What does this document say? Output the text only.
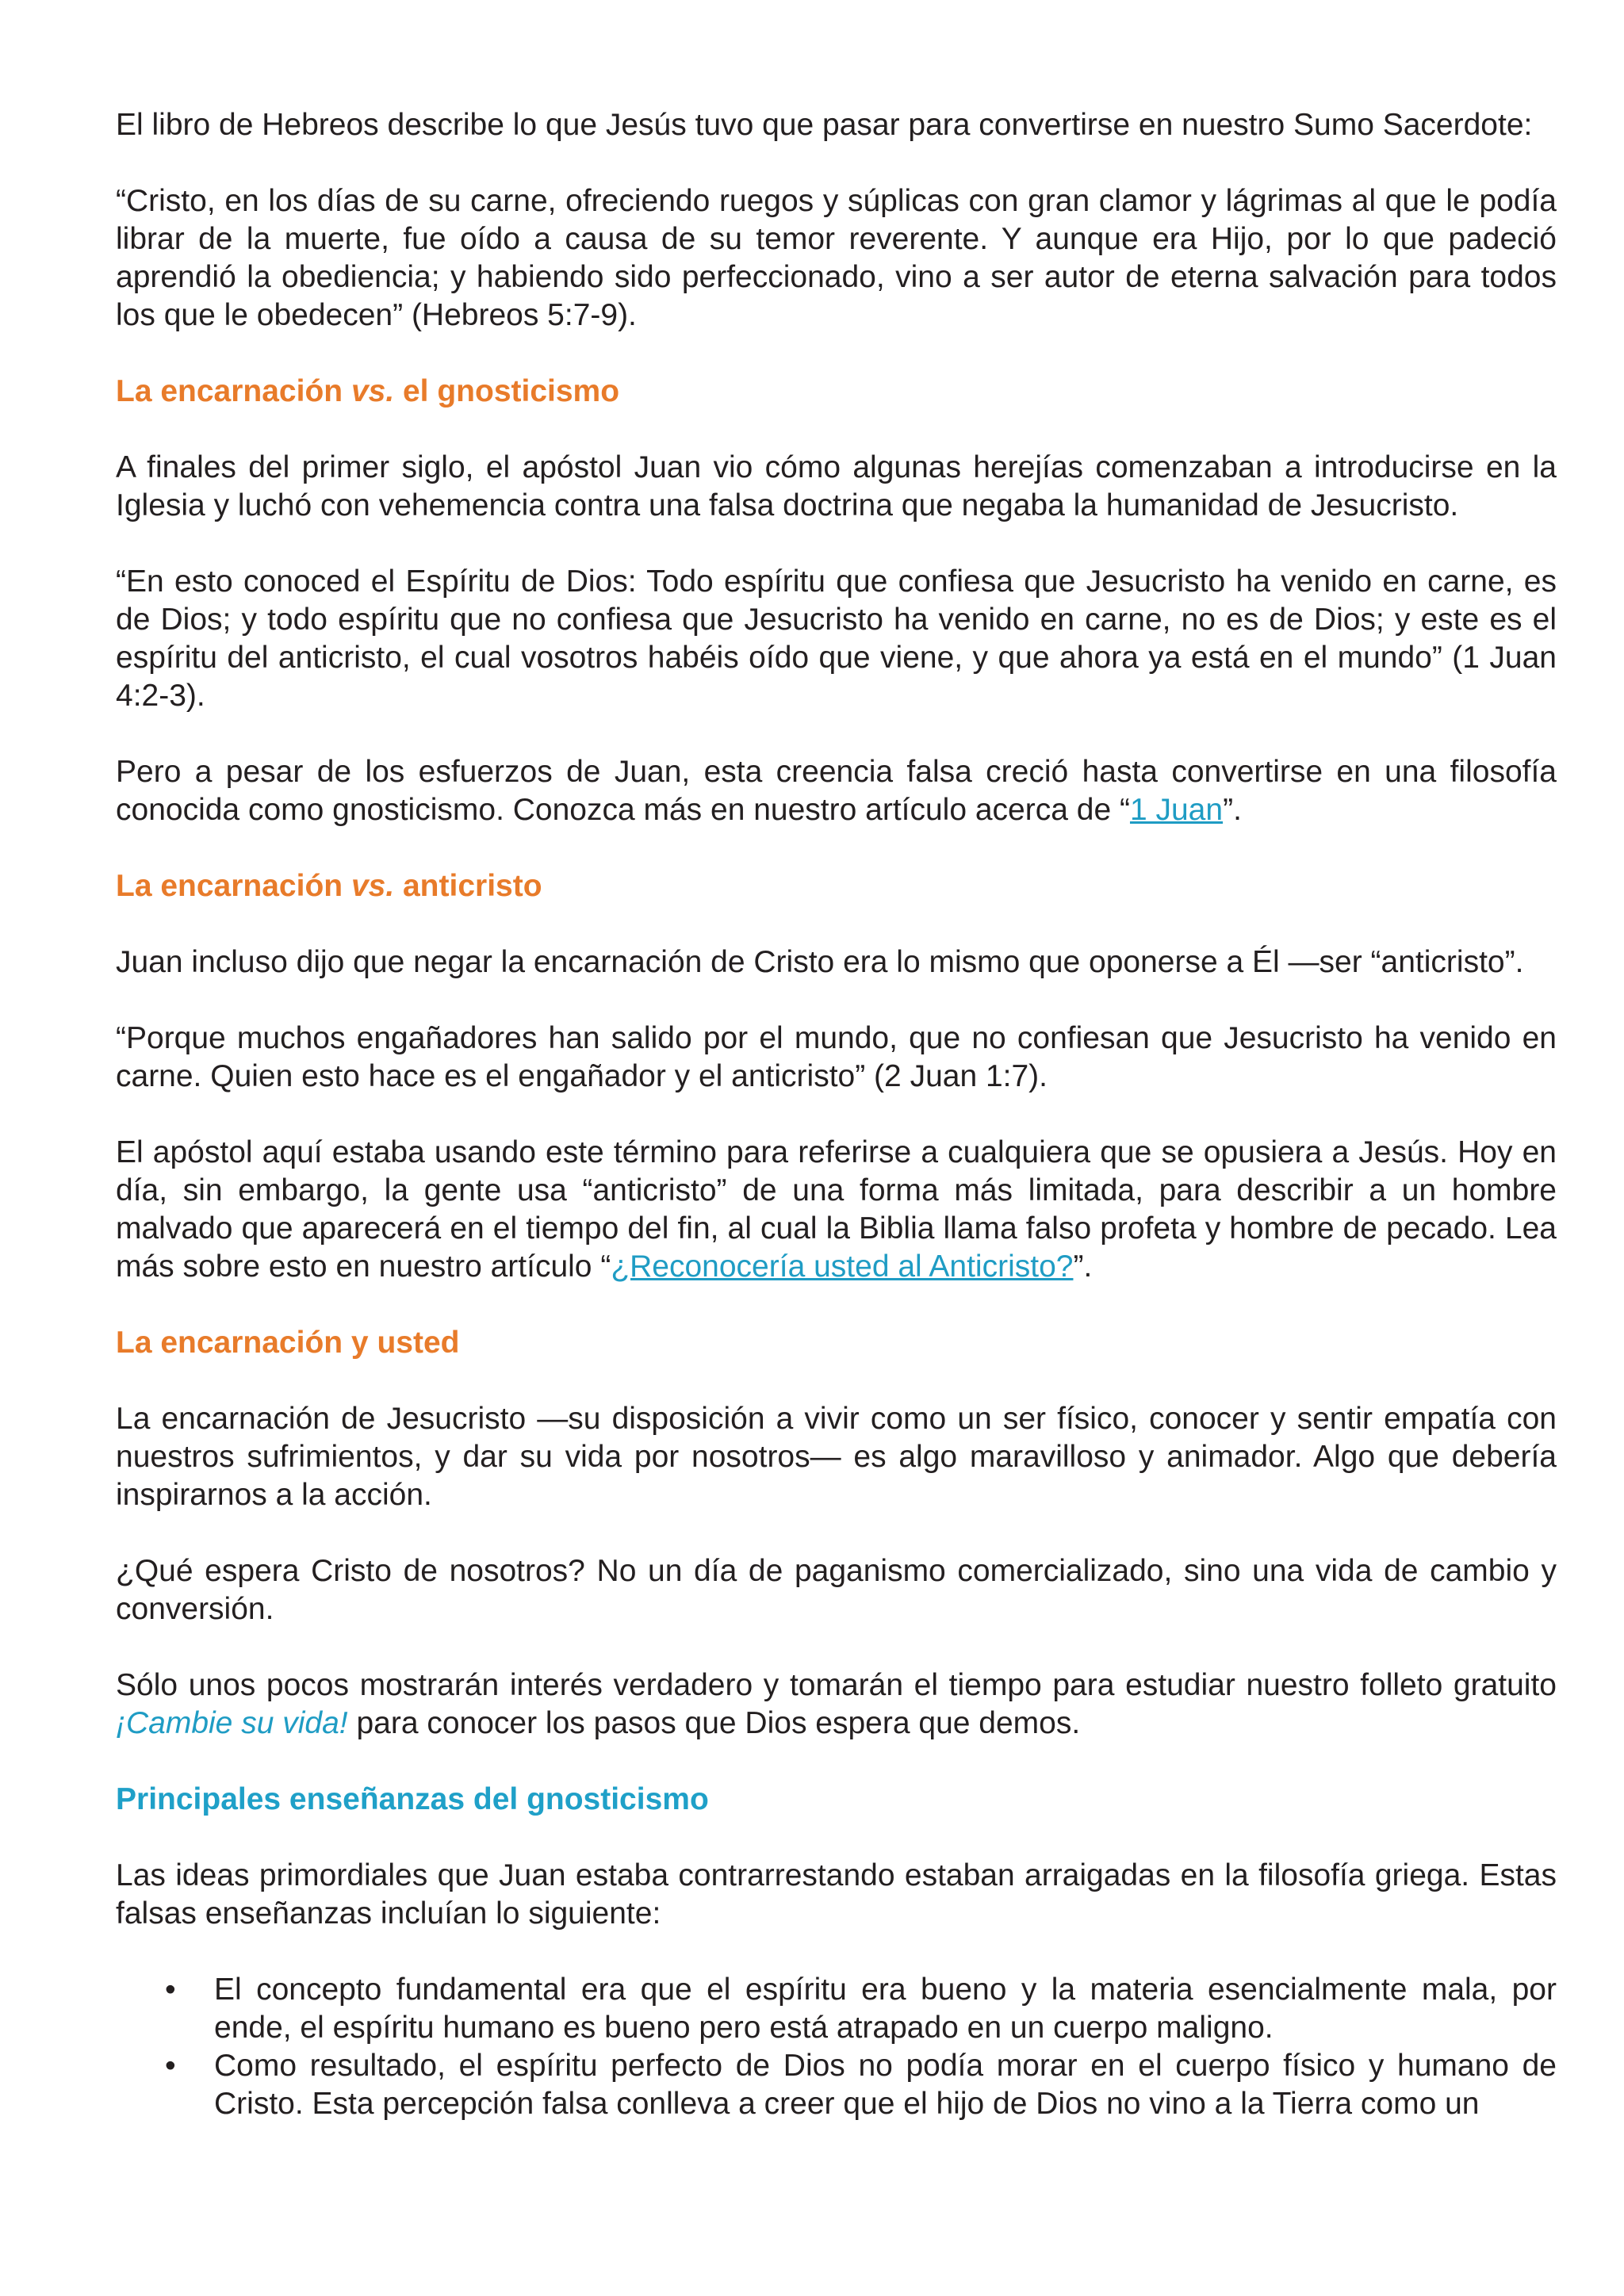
El libro de Hebreos describe lo que Jesús tuvo que pasar para convertirse en nuestro Sumo Sacerdote:

“Cristo, en los días de su carne, ofreciendo ruegos y súplicas con gran clamor y lágrimas al que le podía librar de la muerte, fue oído a causa de su temor reverente. Y aunque era Hijo, por lo que padeció aprendió la obediencia; y habiendo sido perfeccionado, vino a ser autor de eterna salvación para todos los que le obedecen” (Hebreos 5:7-9).

La encarnación vs. el gnosticismo

A finales del primer siglo, el apóstol Juan vio cómo algunas herejías comenzaban a introducirse en la Iglesia y luchó con vehemencia contra una falsa doctrina que negaba la humanidad de Jesucristo.

“En esto conoced el Espíritu de Dios: Todo espíritu que confiesa que Jesucristo ha venido en carne, es de Dios; y todo espíritu que no confiesa que Jesucristo ha venido en carne, no es de Dios; y este es el espíritu del anticristo, el cual vosotros habéis oído que viene, y que ahora ya está en el mundo” (1 Juan 4:2-3).

Pero a pesar de los esfuerzos de Juan, esta creencia falsa creció hasta convertirse en una filosofía conocida como gnosticismo. Conozca más en nuestro artículo acerca de “1 Juan”.

La encarnación vs. anticristo

Juan incluso dijo que negar la encarnación de Cristo era lo mismo que oponerse a Él —ser “anticristo”.

“Porque muchos engañadores han salido por el mundo, que no confiesan que Jesucristo ha venido en carne. Quien esto hace es el engañador y el anticristo” (2 Juan 1:7).

El apóstol aquí estaba usando este término para referirse a cualquiera que se opusiera a Jesús. Hoy en día, sin embargo, la gente usa “anticristo” de una forma más limitada, para describir a un hombre malvado que aparecerá en el tiempo del fin, al cual la Biblia llama falso profeta y hombre de pecado. Lea más sobre esto en nuestro artículo “¿Reconocería usted al Anticristo?”.

La encarnación y usted

La encarnación de Jesucristo —su disposición a vivir como un ser físico, conocer y sentir empatía con nuestros sufrimientos, y dar su vida por nosotros— es algo maravilloso y animador. Algo que debería inspirarnos a la acción.

¿Qué espera Cristo de nosotros? No un día de paganismo comercializado, sino una vida de cambio y conversión.

Sólo unos pocos mostrarán interés verdadero y tomarán el tiempo para estudiar nuestro folleto gratuito ¡Cambie su vida! para conocer los pasos que Dios espera que demos.

Principales enseñanzas del gnosticismo

Las ideas primordiales que Juan estaba contrarrestando estaban arraigadas en la filosofía griega. Estas falsas enseñanzas incluían lo siguiente:

• El concepto fundamental era que el espíritu era bueno y la materia esencialmente mala, por ende, el espíritu humano es bueno pero está atrapado en un cuerpo maligno.
• Como resultado, el espíritu perfecto de Dios no podía morar en el cuerpo físico y humano de Cristo. Esta percepción falsa conlleva a creer que el hijo de Dios no vino a la Tierra como un
